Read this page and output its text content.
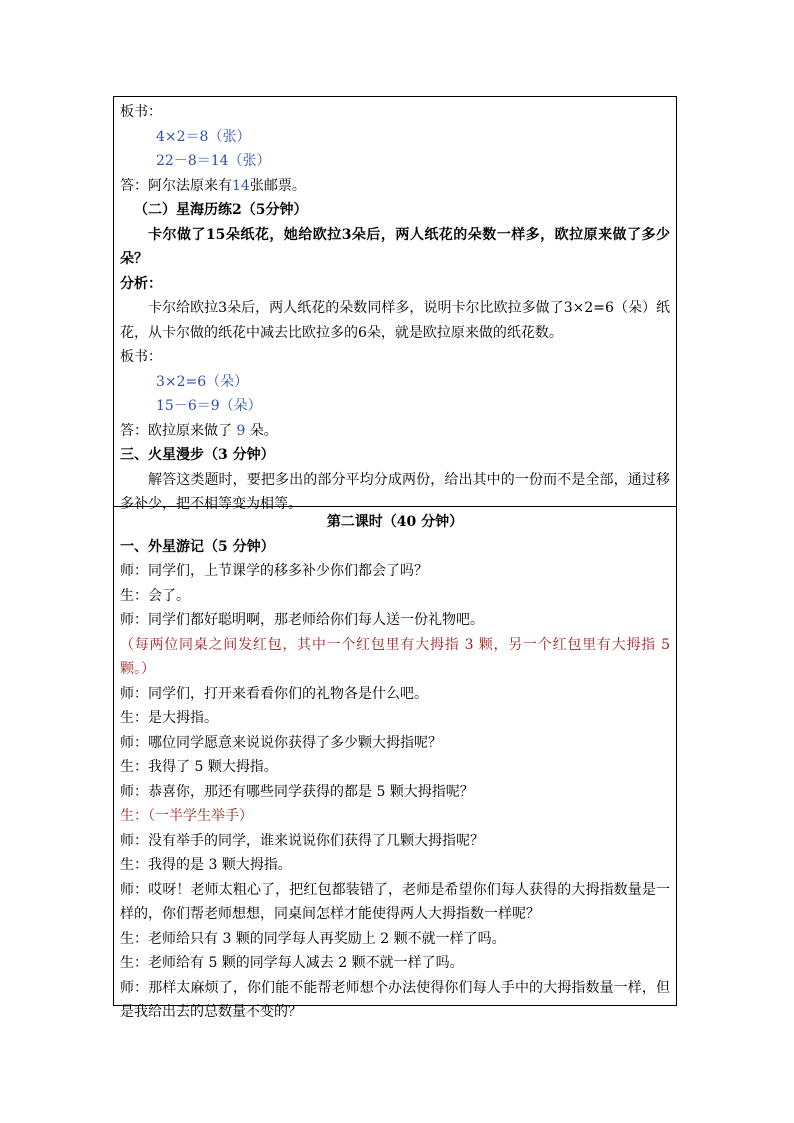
板书：

4×2＝8（张）

22－8＝14（张）

答：阿尔法原来有14张邮票。

（二）星海历练2（5分钟）

卡尔做了15朵纸花，她给欧拉3朵后，两人纸花的朵数一样多，欧拉原来做了多少朵？

分析：

卡尔给欧拉3朵后，两人纸花的朵数同样多，说明卡尔比欧拉多做了3×2=6（朵）纸花，从卡尔做的纸花中减去比欧拉多的6朵，就是欧拉原来做的纸花数。

板书：

3×2=6（朵）

15－6＝9（朵）

答：欧拉原来做了 9 朵。

三、火星漫步（3 分钟）

解答这类题时，要把多出的部分平均分成两份，给出其中的一份而不是全部，通过移多补少，把不相等变为相等。

第二课时（40 分钟）

一、外星游记（5 分钟）

师：同学们，上节课学的移多补少你们都会了吗？

生：会了。

师：同学们都好聪明啊，那老师给你们每人送一份礼物吧。

（每两位同桌之间发红包，其中一个红包里有大拇指 3 颗，另一个红包里有大拇指 5 颗。）

师：同学们，打开来看看你们的礼物各是什么吧。

生：是大拇指。

师：哪位同学愿意来说说你获得了多少颗大拇指呢？

生：我得了 5 颗大拇指。

师：恭喜你，那还有哪些同学获得的都是 5 颗大拇指呢？

生：（一半学生举手）

师：没有举手的同学，谁来说说你们获得了几颗大拇指呢？

生：我得的是 3 颗大拇指。

师：哎呀！老师太粗心了，把红包都装错了，老师是希望你们每人获得的大拇指数量是一样的，你们帮老师想想，同桌间怎样才能使得两人大拇指数一样呢？

生：老师给只有 3 颗的同学每人再奖励上 2 颗不就一样了吗。

生：老师给有 5 颗的同学每人减去 2 颗不就一样了吗。

师：那样太麻烦了，你们能不能帮老师想个办法使得你们每人手中的大拇指数量一样，但是我给出去的总数量不变的？
